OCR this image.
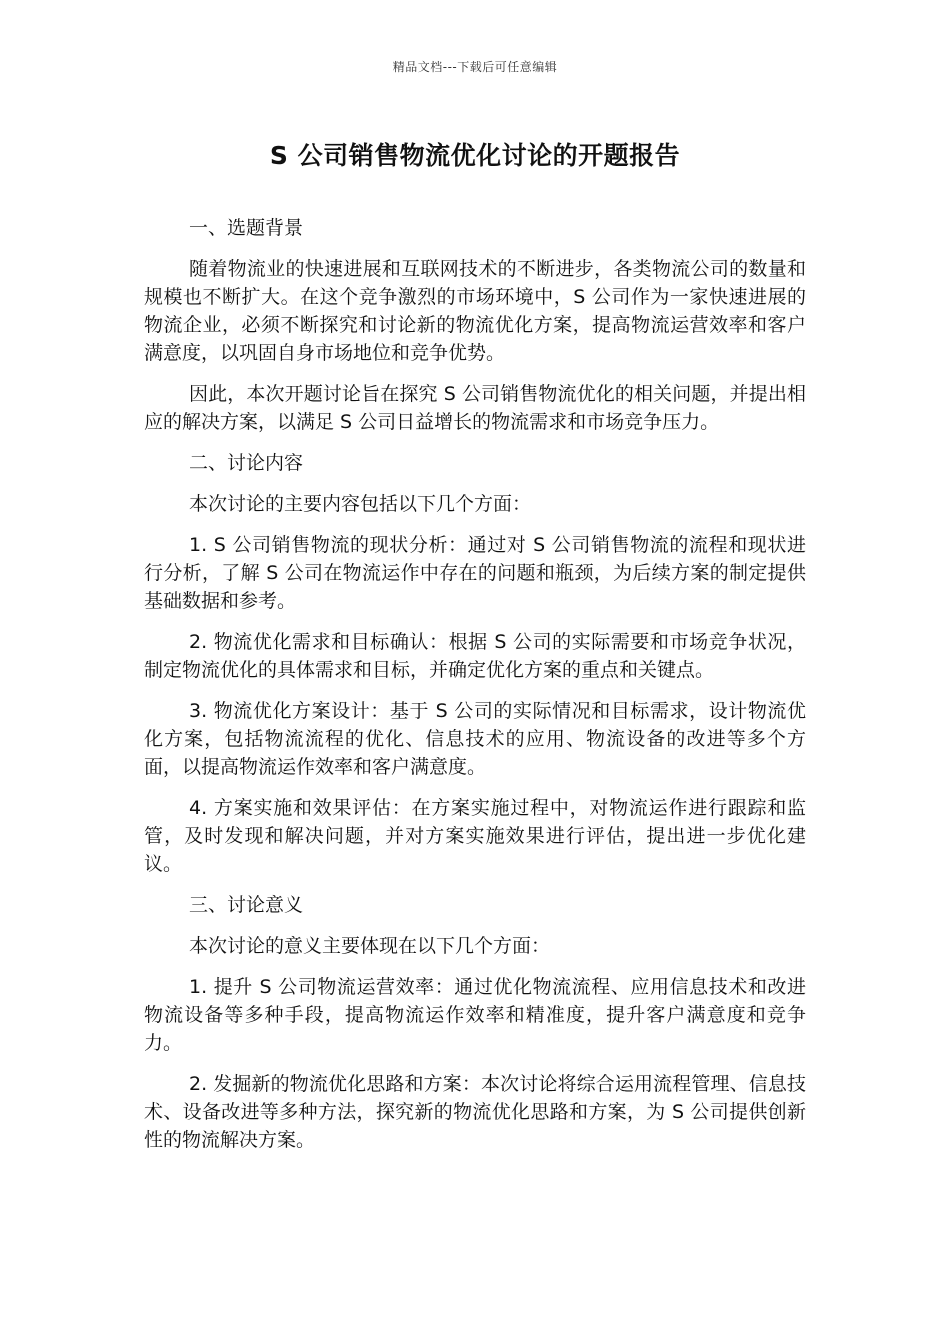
精品文档---下载后可任意编辑
S 公司销售物流优化讨论的开题报告

一、选题背景

随着物流业的快速进展和互联网技术的不断进步，各类物流公司的数量和规模也不断扩大。在这个竞争激烈的市场环境中，S 公司作为一家快速进展的物流企业，必须不断探究和讨论新的物流优化方案，提高物流运营效率和客户满意度，以巩固自身市场地位和竞争优势。

因此，本次开题讨论旨在探究 S 公司销售物流优化的相关问题，并提出相应的解决方案，以满足 S 公司日益增长的物流需求和市场竞争压力。

二、讨论内容

本次讨论的主要内容包括以下几个方面：

1. S 公司销售物流的现状分析：通过对 S 公司销售物流的流程和现状进行分析，了解 S 公司在物流运作中存在的问题和瓶颈，为后续方案的制定提供基础数据和参考。

2. 物流优化需求和目标确认：根据 S 公司的实际需要和市场竞争状况，制定物流优化的具体需求和目标，并确定优化方案的重点和关键点。

3. 物流优化方案设计：基于 S 公司的实际情况和目标需求，设计物流优化方案，包括物流流程的优化、信息技术的应用、物流设备的改进等多个方面，以提高物流运作效率和客户满意度。

4. 方案实施和效果评估：在方案实施过程中，对物流运作进行跟踪和监管，及时发现和解决问题，并对方案实施效果进行评估，提出进一步优化建议。

三、讨论意义

本次讨论的意义主要体现在以下几个方面：

1. 提升 S 公司物流运营效率：通过优化物流流程、应用信息技术和改进物流设备等多种手段，提高物流运作效率和精准度，提升客户满意度和竞争力。

2. 发掘新的物流优化思路和方案：本次讨论将综合运用流程管理、信息技术、设备改进等多种方法，探究新的物流优化思路和方案，为 S 公司提供创新性的物流解决方案。
